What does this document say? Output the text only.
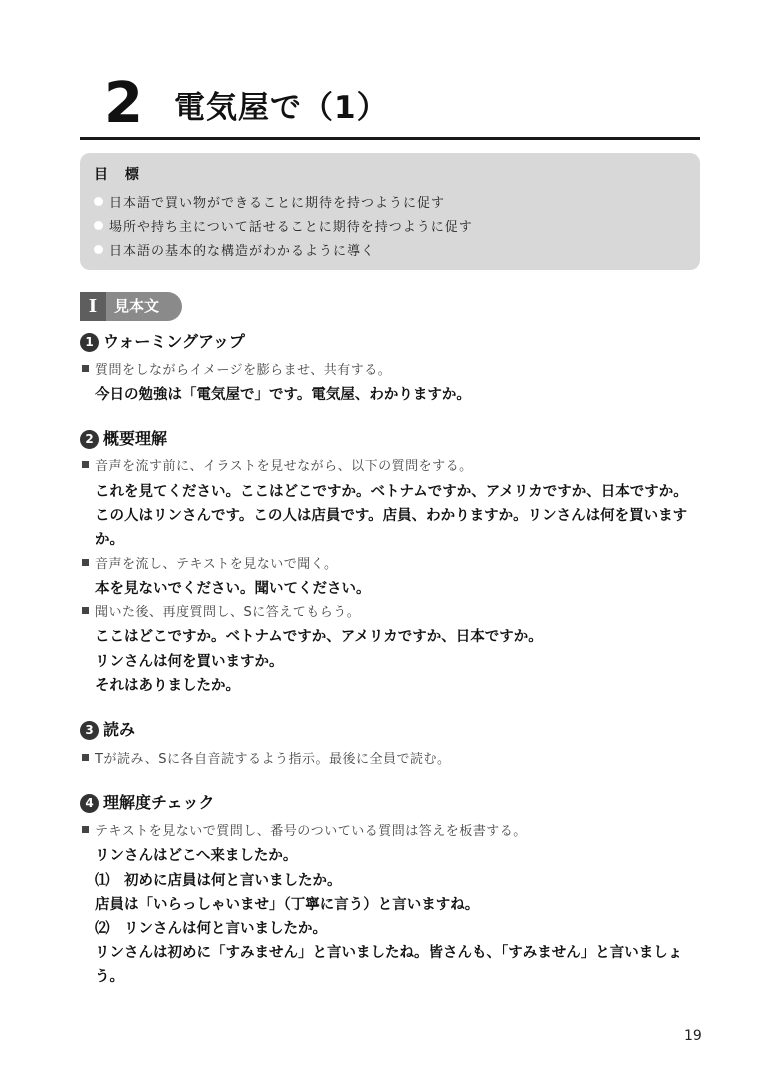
2 電気屋で（1）
目 標
日本語で買い物ができることに期待を持つように促す
場所や持ち主について話せることに期待を持つように促す
日本語の基本的な構造がわかるように導く
I	見本文
1 ウォーミングアップ
質問をしながらイメージを膨らませ、共有する。
今日の勉強は「電気屋で」です。電気屋、わかりますか。
2 概要理解
音声を流す前に、イラストを見せながら、以下の質問をする。
これを見てください。ここはどこですか。ベトナムですか、アメリカですか、日本ですか。
この人はリンさんです。この人は店員です。店員、わかりますか。リンさんは何を買います
か。
音声を流し、テキストを見ないで聞く。
本を見ないでください。聞いてください。
聞いた後、再度質問し、Sに答えてもらう。
ここはどこですか。ベトナムですか、アメリカですか、日本ですか。
リンさんは何を買いますか。
それはありましたか。
3 読み
Tが読み、Sに各自音読するよう指示。最後に全員で読む。
4 理解度チェック
テキストを見ないで質問し、番号のついている質問は答えを板書する。
リンさんはどこへ来ましたか。
⑴　初めに店員は何と言いましたか。
店員は「いらっしゃいませ」（丁寧に言う）と言いますね。
⑵　リンさんは何と言いましたか。
リンさんは初めに「すみません」と言いましたね。皆さんも、「すみません」と言いましょ
う。
19
